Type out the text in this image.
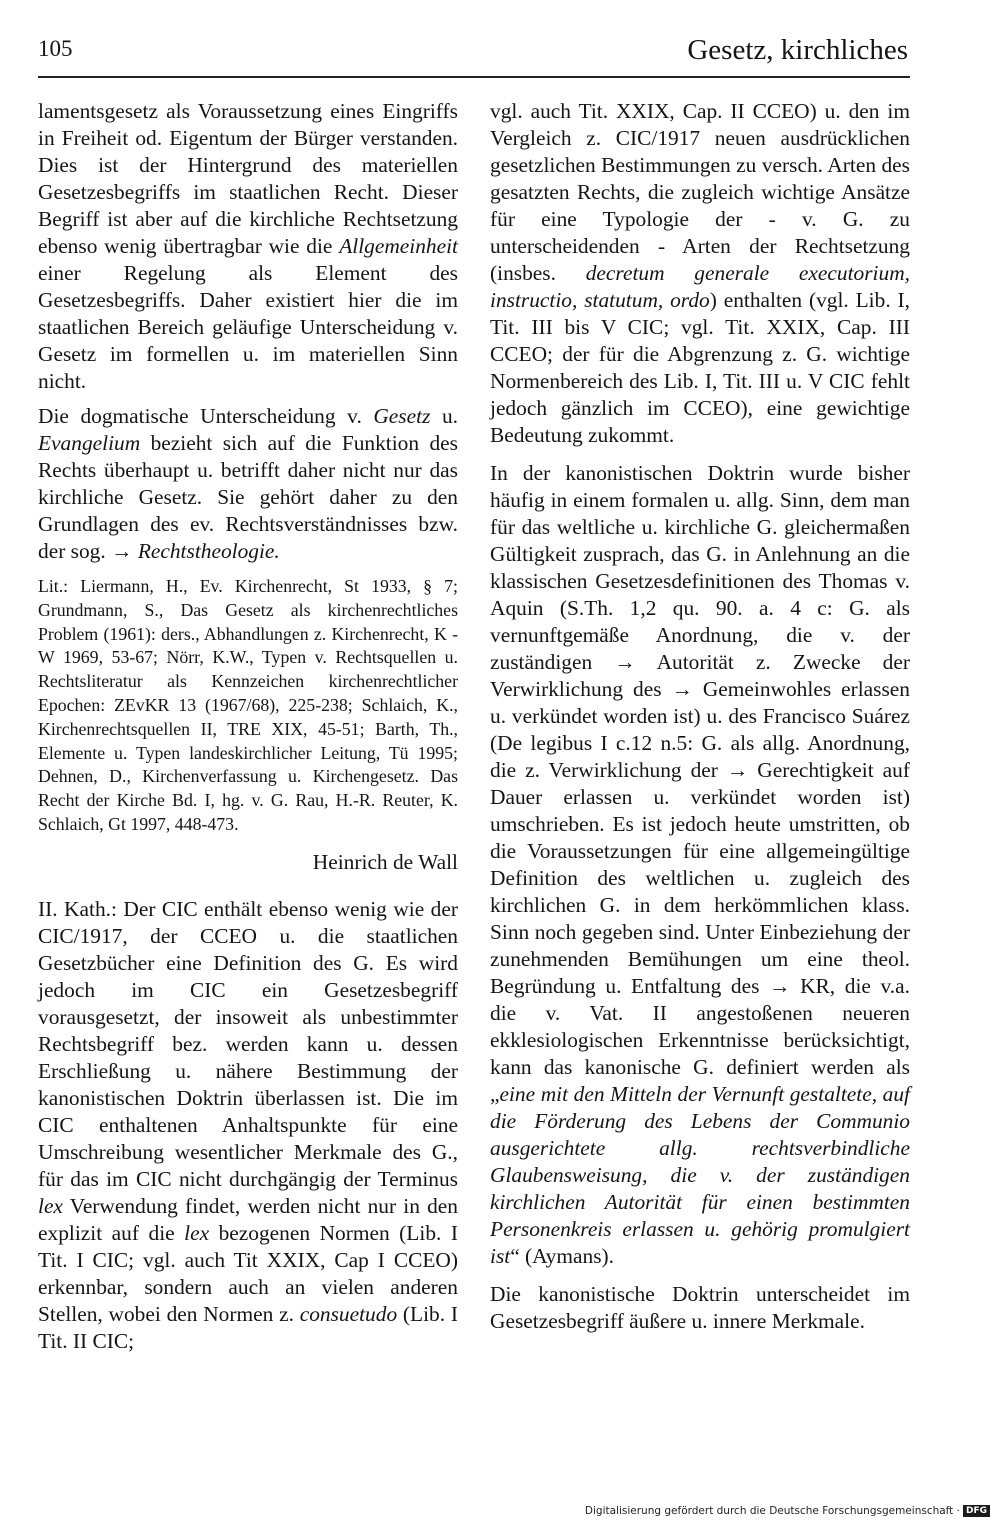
105	Gesetz, kirchliches

lamentsgesetz als Voraussetzung eines Eingriffs in Freiheit od. Eigentum der Bürger verstanden. Dies ist der Hintergrund des materiellen Gesetzesbegriffs im staatlichen Recht. Dieser Begriff ist aber auf die kirchliche Rechtsetzung ebenso wenig übertragbar wie die Allgemeinheit einer Regelung als Element des Gesetzesbegriffs. Daher existiert hier die im staatlichen Bereich geläufige Unterscheidung v. Gesetz im formellen u. im materiellen Sinn nicht.

Die dogmatische Unterscheidung v. Gesetz u. Evangelium bezieht sich auf die Funktion des Rechts überhaupt u. betrifft daher nicht nur das kirchliche Gesetz. Sie gehört daher zu den Grundlagen des ev. Rechtsverständnisses bzw. der sog. → Rechtstheologie.

Lit.: Liermann, H., Ev. Kirchenrecht, St 1933, § 7; Grundmann, S., Das Gesetz als kirchenrechtliches Problem (1961): ders., Abhandlungen z. Kirchenrecht, K - W 1969, 53-67; Nörr, K.W., Typen v. Rechtsquellen u. Rechtsliteratur als Kennzeichen kirchenrechtlicher Epochen: ZEvKR 13 (1967/68), 225-238; Schlaich, K., Kirchenrechtsquellen II, TRE XIX, 45-51; Barth, Th., Elemente u. Typen landeskirchlicher Leitung, Tü 1995; Dehnen, D., Kirchenverfassung u. Kirchengesetz. Das Recht der Kirche Bd. I, hg. v. G. Rau, H.-R. Reuter, K. Schlaich, Gt 1997, 448-473.

Heinrich de Wall

II. Kath.: Der CIC enthält ebenso wenig wie der CIC/1917, der CCEO u. die staatlichen Gesetzbücher eine Definition des G. Es wird jedoch im CIC ein Gesetzesbegriff vorausgesetzt, der insoweit als unbestimmter Rechtsbegriff bez. werden kann u. dessen Erschließung u. nähere Bestimmung der kanonistischen Doktrin überlassen ist. Die im CIC enthaltenen Anhaltspunkte für eine Umschreibung wesentlicher Merkmale des G., für das im CIC nicht durchgängig der Terminus lex Verwendung findet, werden nicht nur in den explizit auf die lex bezogenen Normen (Lib. I Tit. I CIC; vgl. auch Tit XXIX, Cap I CCEO) erkennbar, sondern auch an vielen anderen Stellen, wobei den Normen z. consuetudo (Lib. I Tit. II CIC;

vgl. auch Tit. XXIX, Cap. II CCEO) u. den im Vergleich z. CIC/1917 neuen ausdrücklichen gesetzlichen Bestimmungen zu versch. Arten des gesatzten Rechts, die zugleich wichtige Ansätze für eine Typologie der - v. G. zu unterscheidenden - Arten der Rechtsetzung (insbes. decretum generale executorium, instructio, statutum, ordo) enthalten (vgl. Lib. I, Tit. III bis V CIC; vgl. Tit. XXIX, Cap. III CCEO; der für die Abgrenzung z. G. wichtige Normenbereich des Lib. I, Tit. III u. V CIC fehlt jedoch gänzlich im CCEO), eine gewichtige Bedeutung zukommt.

In der kanonistischen Doktrin wurde bisher häufig in einem formalen u. allg. Sinn, dem man für das weltliche u. kirchliche G. gleichermaßen Gültigkeit zusprach, das G. in Anlehnung an die klassischen Gesetzesdefinitionen des Thomas v. Aquin (S.Th. 1,2 qu. 90. a. 4 c: G. als vernunftgemäße Anordnung, die v. der zuständigen → Autorität z. Zwecke der Verwirklichung des → Gemeinwohles erlassen u. verkündet worden ist) u. des Francisco Suárez (De legibus I c.12 n.5: G. als allg. Anordnung, die z. Verwirklichung der → Gerechtigkeit auf Dauer erlassen u. verkündet worden ist) umschrieben. Es ist jedoch heute umstritten, ob die Voraussetzungen für eine allgemeingültige Definition des weltlichen u. zugleich des kirchlichen G. in dem herkömmlichen klass. Sinn noch gegeben sind. Unter Einbeziehung der zunehmenden Bemühungen um eine theol. Begründung u. Entfaltung des → KR, die v.a. die v. Vat. II angestoßenen neueren ekklesiologischen Erkenntnisse berücksichtigt, kann das kanonische G. definiert werden als „eine mit den Mitteln der Vernunft gestaltete, auf die Förderung des Lebens der Communio ausgerichtete allg. rechtsverbindliche Glaubensweisung, die v. der zuständigen kirchlichen Autorität für einen bestimmten Personenkreis erlassen u. gehörig promulgiert ist“ (Aymans).

Die kanonistische Doktrin unterscheidet im Gesetzesbegriff äußere u. innere Merkmale.

Digitalisierung gefördert durch die Deutsche Forschungsgemeinschaft · DFG
